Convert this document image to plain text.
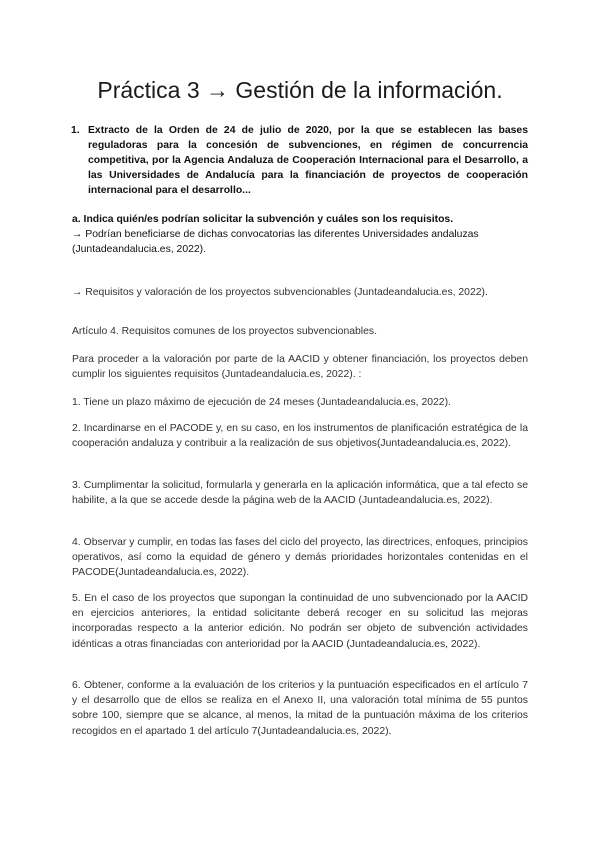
Práctica 3 → Gestión de la información.
1. Extracto de la Orden de 24 de julio de 2020, por la que se establecen las bases reguladoras para la concesión de subvenciones, en régimen de concurrencia competitiva, por la Agencia Andaluza de Cooperación Internacional para el Desarrollo, a las Universidades de Andalucía para la financiación de proyectos de cooperación internacional para el desarrollo...
a. Indica quién/es podrían solicitar la subvención y cuáles son los requisitos.
→ Podrían beneficiarse de dichas convocatorias las diferentes Universidades andaluzas (Juntadeandalucia.es, 2022).

→ Requisitos y valoración de los proyectos subvencionables (Juntadeandalucia.es, 2022).

Artículo 4. Requisitos comunes de los proyectos subvencionables.

Para proceder a la valoración por parte de la AACID y obtener financiación, los proyectos deben cumplir los siguientes requisitos (Juntadeandalucia.es, 2022). :

1. Tiene un plazo máximo de ejecución de 24 meses (Juntadeandalucia.es, 2022).

2. Incardinarse en el PACODE y, en su caso, en los instrumentos de planificación estratégica de la cooperación andaluza y contribuir a la realización de sus objetivos(Juntadeandalucia.es, 2022).

3. Cumplimentar la solicitud, formularla y generarla en la aplicación informática, que a tal efecto se habilite, a la que se accede desde la página web de la AACID (Juntadeandalucia.es, 2022).

4. Observar y cumplir, en todas las fases del ciclo del proyecto, las directrices, enfoques, principios operativos, así como la equidad de género y demás prioridades horizontales contenidas en el PACODE(Juntadeandalucia.es, 2022).

5. En el caso de los proyectos que supongan la continuidad de uno subvencionado por la AACID en ejercicios anteriores, la entidad solicitante deberá recoger en su solicitud las mejoras incorporadas respecto a la anterior edición. No podrán ser objeto de subvención actividades idénticas a otras financiadas con anterioridad por la AACID (Juntadeandalucia.es, 2022).

6. Obtener, conforme a la evaluación de los criterios y la puntuación especificados en el artículo 7 y el desarrollo que de ellos se realiza en el Anexo II, una valoración total mínima de 55 puntos sobre 100, siempre que se alcance, al menos, la mitad de la puntuación máxima de los criterios recogidos en el apartado 1 del artículo 7(Juntadeandalucia.es, 2022).
